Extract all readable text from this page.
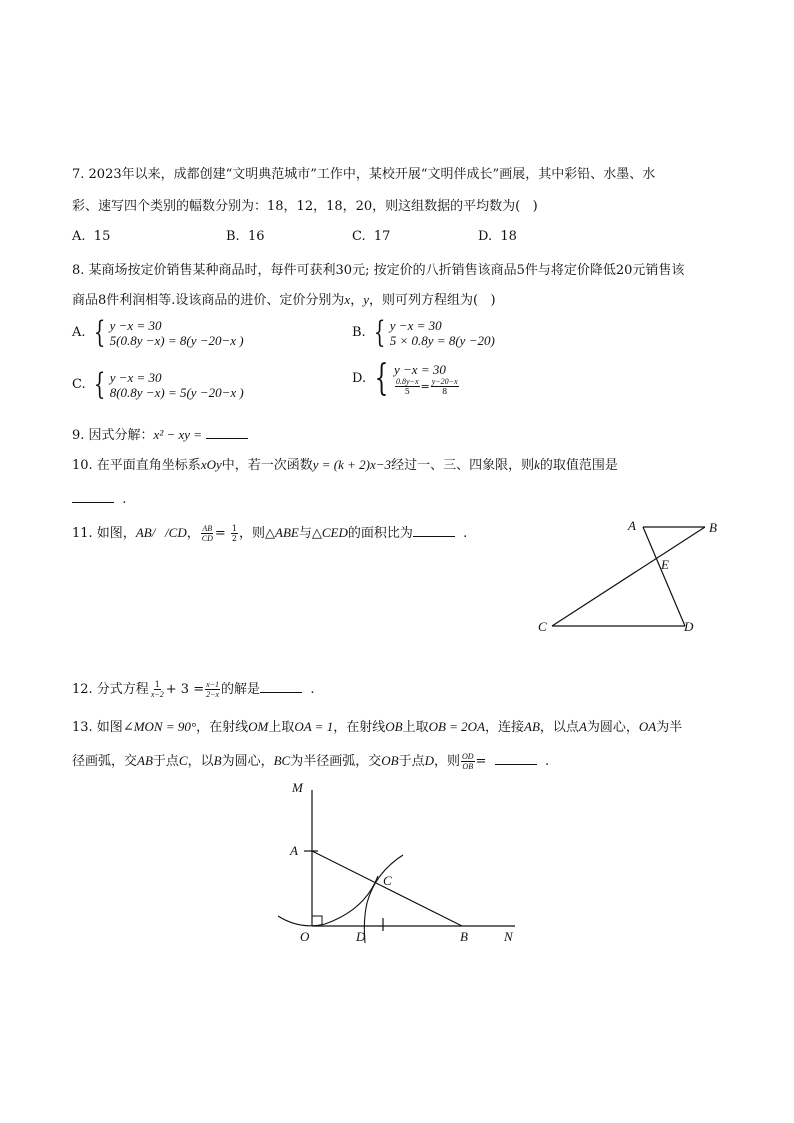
7. 2023年以来，成都创建“文明典范城市”工作中，某校开展“文明伴成长”画展，其中彩铅、水墨、水
彩、速写四个类别的幅数分别为：18，12，18，20，则这组数据的平均数为(   )
A. 15	B. 16	C. 17	D. 18
8. 某商场按定价销售某种商品时，每件可获利30元; 按定价的八折销售该商品5件与将定价降低20元销售该
商品8件利润相等.设该商品的进价、定价分别为x，y，则可列方程组为(   )
A. { y −x = 30
5(0.8y −x) = 8(y −20−x )
B. { y −x = 30
5 × 0.8y = 8(y −20)
C. { y −x = 30
8(0.8y −x) = 5(y −20−x )
D. { y −x = 30
$\frac{0.8y-x}{5} = \frac{y-20-x}{8}$
9. 因式分解：x² − xy =
10. 在平面直角坐标系xOy中，若一次函数y = (k + 2)x−3经过一、三、四象限，则k的取值范围是
.
11. 如图，AB/   /CD， $\frac{AB}{CD} = \frac{1}{2}$ ，则△ABE与△CED的面积比为	.
A	B
E
C	D
12. 分式方程 $\frac{1}{x-2} + 3 = \frac{x-1}{2-x}$ 的解是	.
13. 如图∠MON = 90°，在射线OM上取OA = 1，在射线OB上取OB = 2OA，连接AB，以点A为圆心，OA为半
径画弧，交AB于点C，以B为圆心，BC为半径画弧，交OB于点D，则 $\frac{OD}{OB}$ =	.
M
A
C
O	D	B	N
